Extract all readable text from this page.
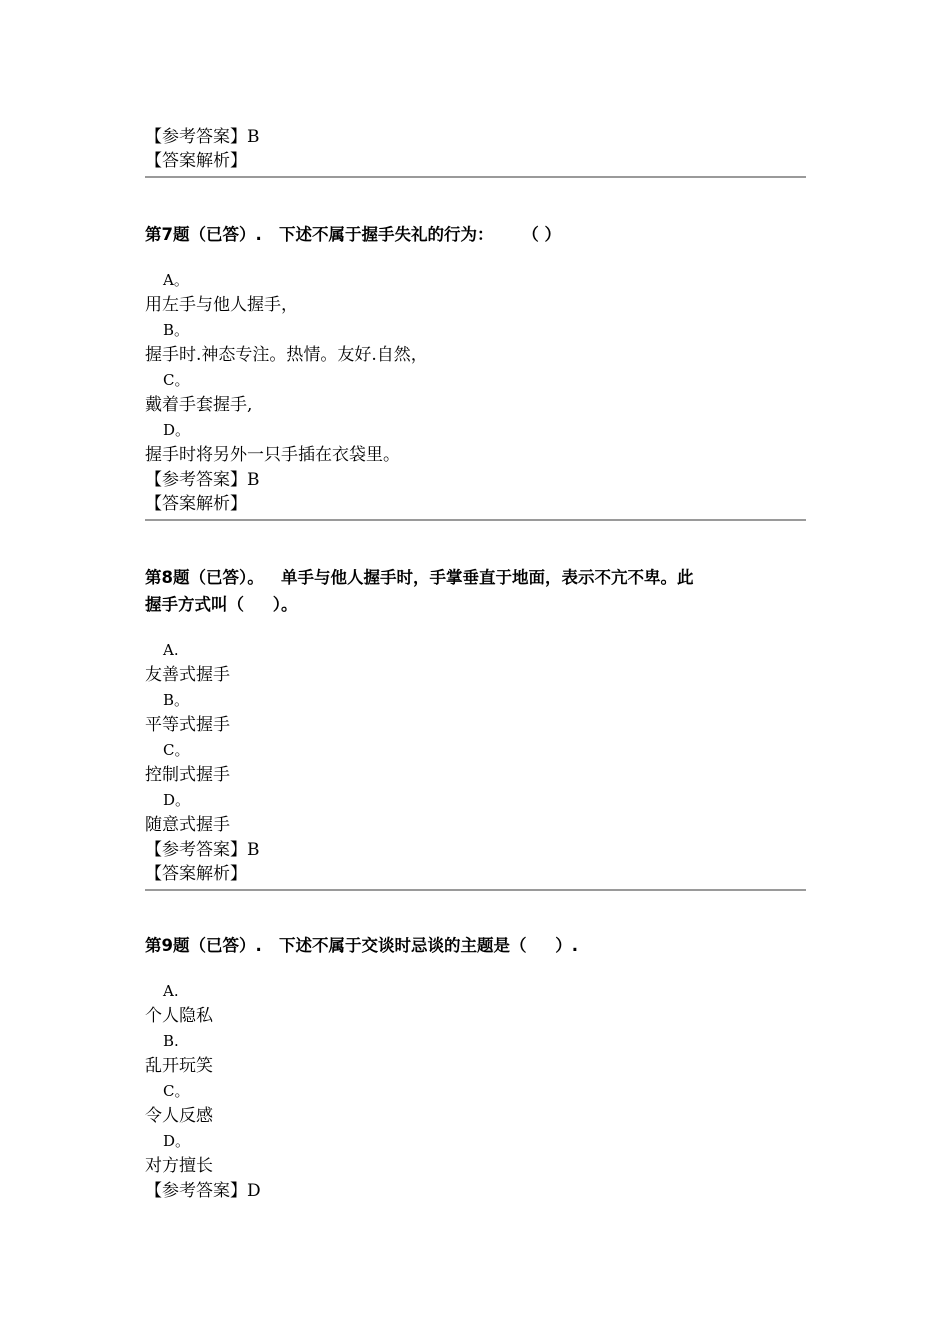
【参考答案】B
【答案解析】
第7题（已答）.   下述不属于握手失礼的行为：     （ ）
A。
用左手与他人握手，
B。
握手时.神态专注。热情。友好.自然，
C。
戴着手套握手,
D。
握手时将另外一只手插在衣袋里。
【参考答案】B
【答案解析】
第8题（已答）。   单手与他人握手时，手掌垂直于地面，表示不亢不卑。此
握手方式叫（     ）。
A.
友善式握手
B。
平等式握手
C。
控制式握手
D。
随意式握手
【参考答案】B
【答案解析】
第9题（已答）.   下述不属于交谈时忌谈的主题是（     ）.
A.
个人隐私
B.
乱开玩笑
C。
令人反感
D。
对方擅长
【参考答案】D
